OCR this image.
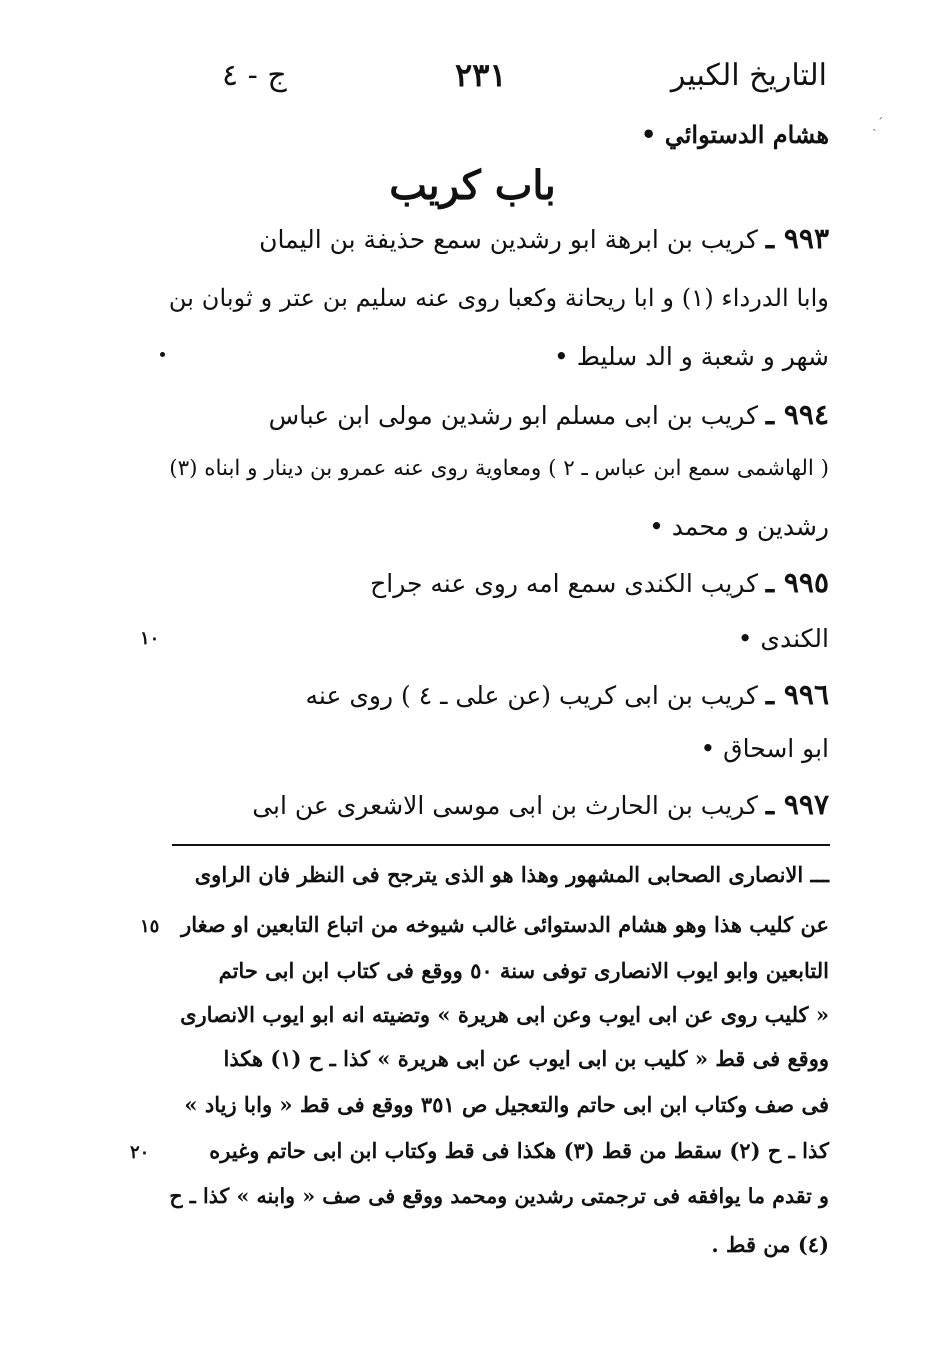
التاريخ الكبير
٢٣١
ج - ٤
ˎ´
هشام الدستوائي •
باب كريب
٩٩٣ ـ كريب بن ابرهة ابو رشدين سمع حذيفة بن اليمان
وابا الدرداء (١) و ابا ريحانة وكعبا روى عنه سليم بن عتر و ثوبان بن
شهر و شعبة و الد سليط •
٩٩٤ ـ كريب بن ابى مسلم ابو رشدين مولى ابن عباس
( الهاشمى سمع ابن عباس ـ ٢ ) ومعاوية روى عنه عمرو بن دينار و ابناه (٣)
رشدين و محمد •
٩٩٥ ـ كريب الكندى سمع امه روى عنه جراح
الكندى •
٩٩٦ ـ كريب بن ابى كريب (عن على ـ ٤ ) روى عنه
ابو اسحاق •
٩٩٧ ـ كريب بن الحارث بن ابى موسى الاشعرى عن ابى
ـــ الانصارى الصحابى المشهور وهذا هو الذى يترجح فى النظر فان الراوى
عن كليب هذا وهو هشام الدستوائى غالب شيوخه من اتباع التابعين او صغار
التابعين وابو ايوب الانصارى توفى سنة ٥٠ ووقع فى كتاب ابن ابى حاتم
« كليب روى عن ابى ايوب وعن ابى هريرة » وتضيته انه ابو ايوب الانصارى
ووقع فى قط « كليب بن ابى ايوب عن ابى هريرة » كذا ـ ح (١) هكذا
فى صف وكتاب ابن ابى حاتم والتعجيل ص ٣٥١ ووقع فى قط « وابا زياد »
كذا ـ ح (٢) سقط من قط (٣) هكذا فى قط وكتاب ابن ابى حاتم وغيره
و تقدم ما يوافقه فى ترجمتى رشدين ومحمد ووقع فى صف « وابنه » كذا ـ ح
(٤) من قط .
١٠
١٥
٢٠
